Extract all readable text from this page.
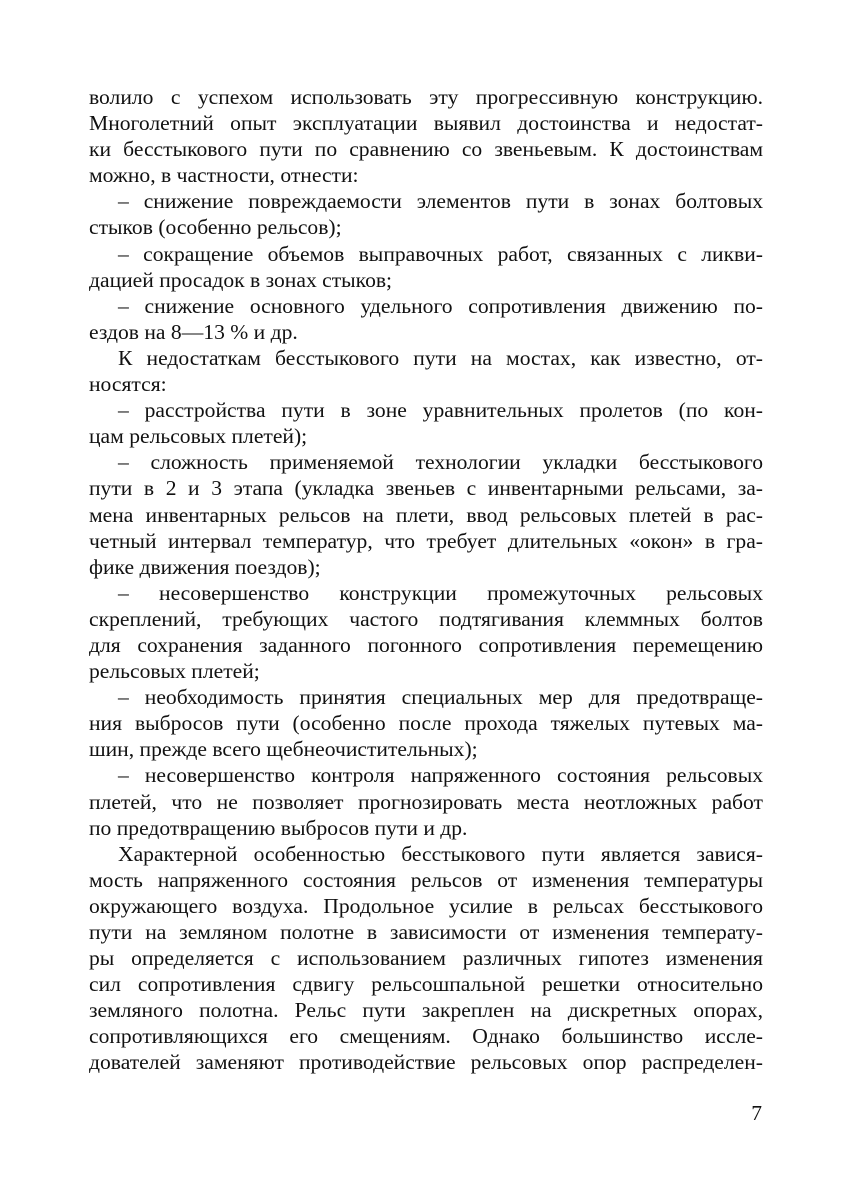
волило с успехом использовать эту прогрессивную конструкцию.
Многолетний опыт эксплуатации выявил достоинства и недостат-
ки бесстыкового пути по сравнению со звеньевым. К достоинствам
можно, в частности, отнести:
– снижение повреждаемости элементов пути в зонах болтовых
стыков (особенно рельсов);
– сокращение объемов выправочных работ, связанных с ликви-
дацией просадок в зонах стыков;
– снижение основного удельного сопротивления движению по-
ездов на 8—13 % и др.
К недостаткам бесстыкового пути на мостах, как известно, от-
носятся:
– расстройства пути в зоне уравнительных пролетов (по кон-
цам рельсовых плетей);
– сложность применяемой технологии укладки бесстыкового
пути в 2 и 3 этапа (укладка звеньев с инвентарными рельсами, за-
мена инвентарных рельсов на плети, ввод рельсовых плетей в рас-
четный интервал температур, что требует длительных «окон» в гра-
фике движения поездов);
– несовершенство конструкции промежуточных рельсовых
скреплений, требующих частого подтягивания клеммных болтов
для сохранения заданного погонного сопротивления перемещению
рельсовых плетей;
– необходимость принятия специальных мер для предотвраще-
ния выбросов пути (особенно после прохода тяжелых путевых ма-
шин, прежде всего щебнеочистительных);
– несовершенство контроля напряженного состояния рельсовых
плетей, что не позволяет прогнозировать места неотложных работ
по предотвращению выбросов пути и др.
Характерной особенностью бесстыкового пути является завися-
мость напряженного состояния рельсов от изменения температуры
окружающего воздуха. Продольное усилие в рельсах бесстыкового
пути на земляном полотне в зависимости от изменения температу-
ры определяется с использованием различных гипотез изменения
сил сопротивления сдвигу рельсошпальной решетки относительно
земляного полотна. Рельс пути закреплен на дискретных опорах,
сопротивляющихся его смещениям. Однако большинство иссле-
дователей заменяют противодействие рельсовых опор распределен-
7
